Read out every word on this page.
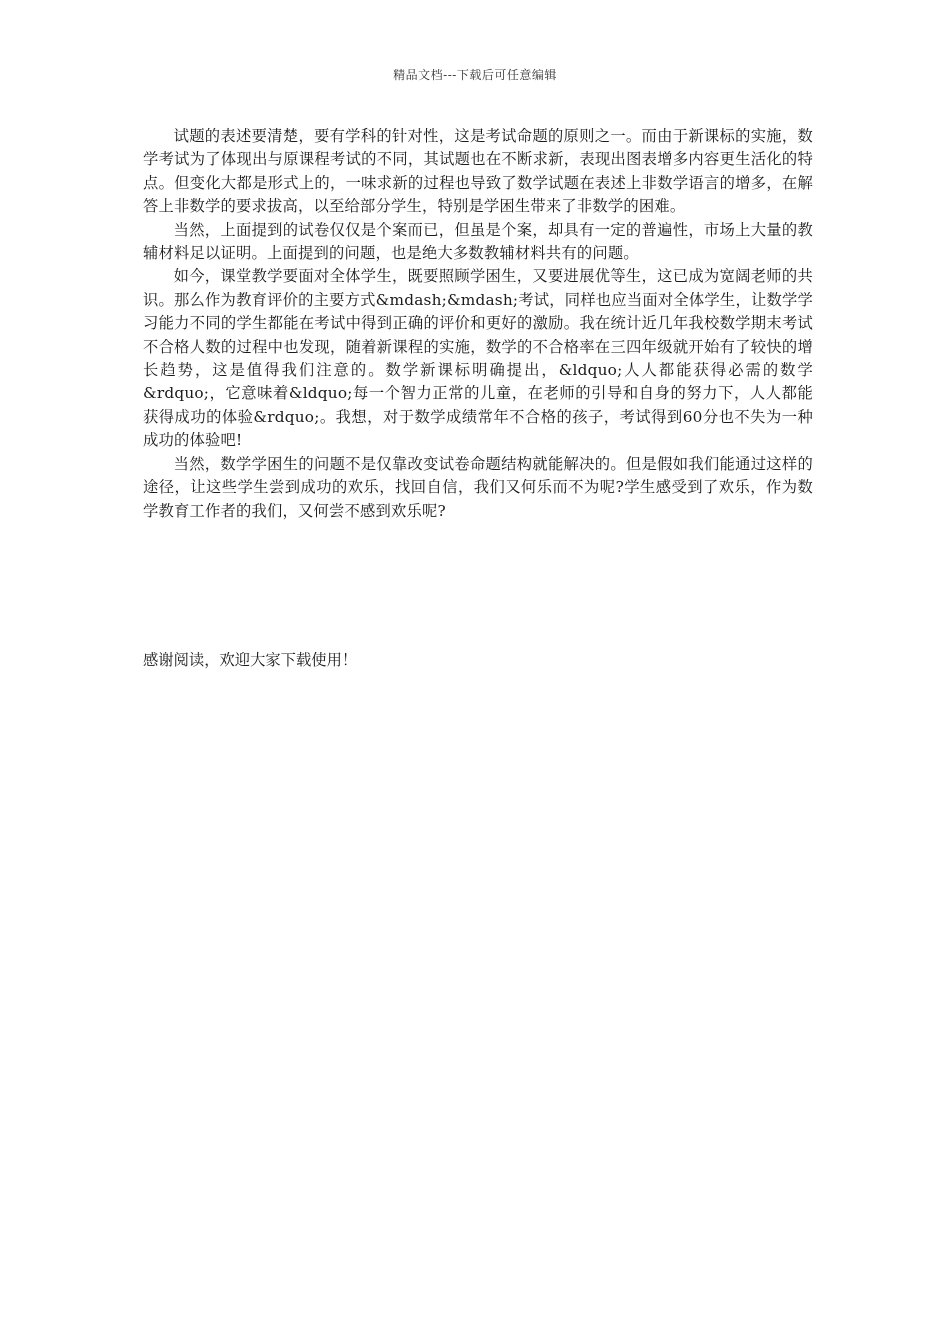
精品文档---下载后可任意编辑

试题的表述要清楚，要有学科的针对性，这是考试命题的原则之一。而由于新课标的实施，数学考试为了体现出与原课程考试的不同，其试题也在不断求新，表现出图表增多内容更生活化的特点。但变化大都是形式上的，一味求新的过程也导致了数学试题在表述上非数学语言的增多，在解答上非数学的要求拔高，以至给部分学生，特别是学困生带来了非数学的困难。

当然，上面提到的试卷仅仅是个案而已，但虽是个案，却具有一定的普遍性，市场上大量的教辅材料足以证明。上面提到的问题，也是绝大多数教辅材料共有的问题。

如今，课堂教学要面对全体学生，既要照顾学困生，又要进展优等生，这已成为宽阔老师的共识。那么作为教育评价的主要方式&mdash;&mdash;考试，同样也应当面对全体学生，让数学学习能力不同的学生都能在考试中得到正确的评价和更好的激励。我在统计近几年我校数学期末考试不合格人数的过程中也发现，随着新课程的实施，数学的不合格率在三四年级就开始有了较快的增长趋势，这是值得我们注意的。数学新课标明确提出，&ldquo;人人都能获得必需的数学&rdquo;，它意味着&ldquo;每一个智力正常的儿童，在老师的引导和自身的努力下，人人都能获得成功的体验&rdquo;。我想，对于数学成绩常年不合格的孩子，考试得到60分也不失为一种成功的体验吧!

当然，数学学困生的问题不是仅靠改变试卷命题结构就能解决的。但是假如我们能通过这样的途径，让这些学生尝到成功的欢乐，找回自信，我们又何乐而不为呢?学生感受到了欢乐，作为数学教育工作者的我们，又何尝不感到欢乐呢?

感谢阅读，欢迎大家下载使用！
